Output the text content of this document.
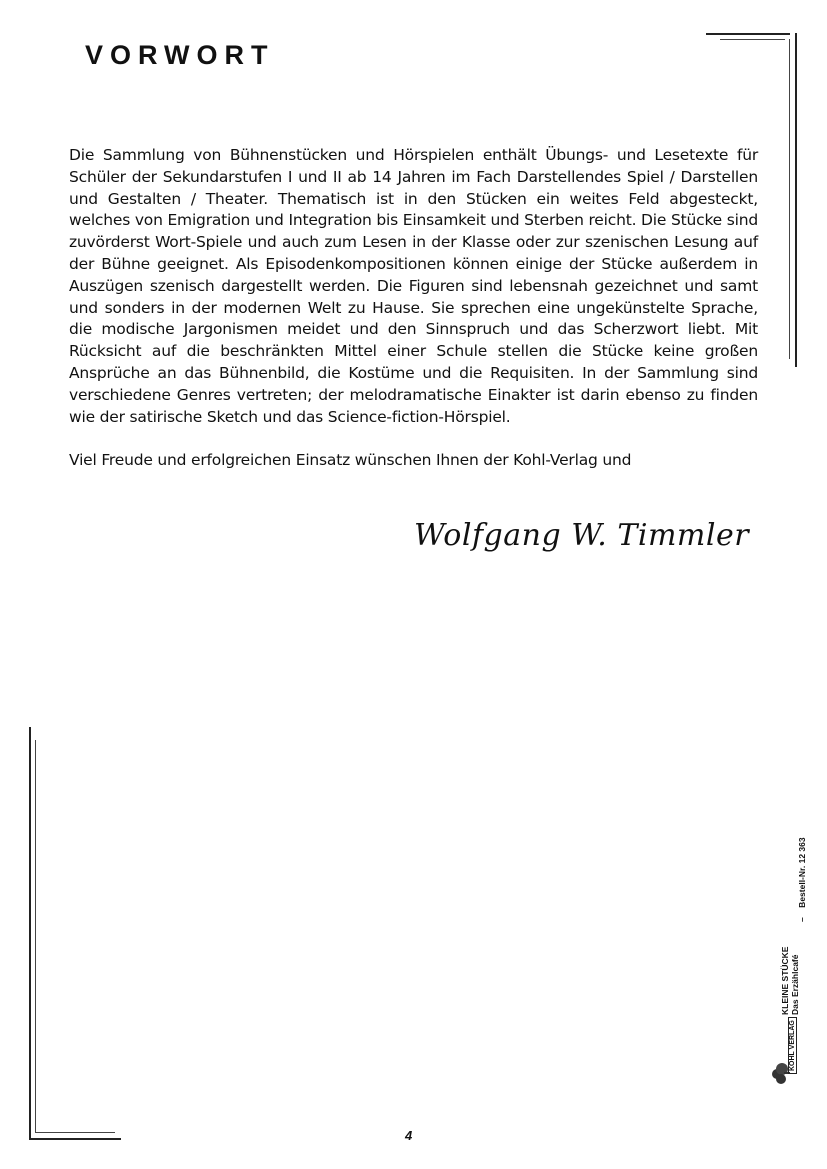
VORWORT

Die Sammlung von Bühnenstücken und Hörspielen enthält Übungs- und Lesetexte für Schüler der Sekundarstufen I und II ab 14 Jahren im Fach Darstellendes Spiel / Darstellen und Gestalten / Theater. Thematisch ist in den Stücken ein weites Feld abgesteckt, welches von Emigration und Integration bis Einsamkeit und Sterben reicht. Die Stücke sind zuvörderst Wort-Spiele und auch zum Lesen in der Klasse oder zur szenischen Lesung auf der Bühne geeignet. Als Episodenkompositionen können einige der Stücke außerdem in Auszügen szenisch dargestellt werden. Die Figuren sind lebensnah gezeichnet und samt und sonders in der modernen Welt zu Hause. Sie sprechen eine ungekünstelte Sprache, die modische Jargonismen meidet und den Sinnspruch und das Scherzwort liebt. Mit Rücksicht auf die beschränkten Mittel einer Schule stellen die Stücke keine großen Ansprüche an das Bühnenbild, die Kostüme und die Requisiten. In der Sammlung sind verschiedene Genres vertreten; der melodramatische Einakter ist darin ebenso zu finden wie der satirische Sketch und das Science-fiction-Hörspiel.

Viel Freude und erfolgreichen Einsatz wünschen Ihnen der Kohl-Verlag und

Wolfgang W. Timmler

KLEINE STÜCKE Das Erzählcafé
–    Bestell-Nr. 12 363
KOHL VERLAG

4
